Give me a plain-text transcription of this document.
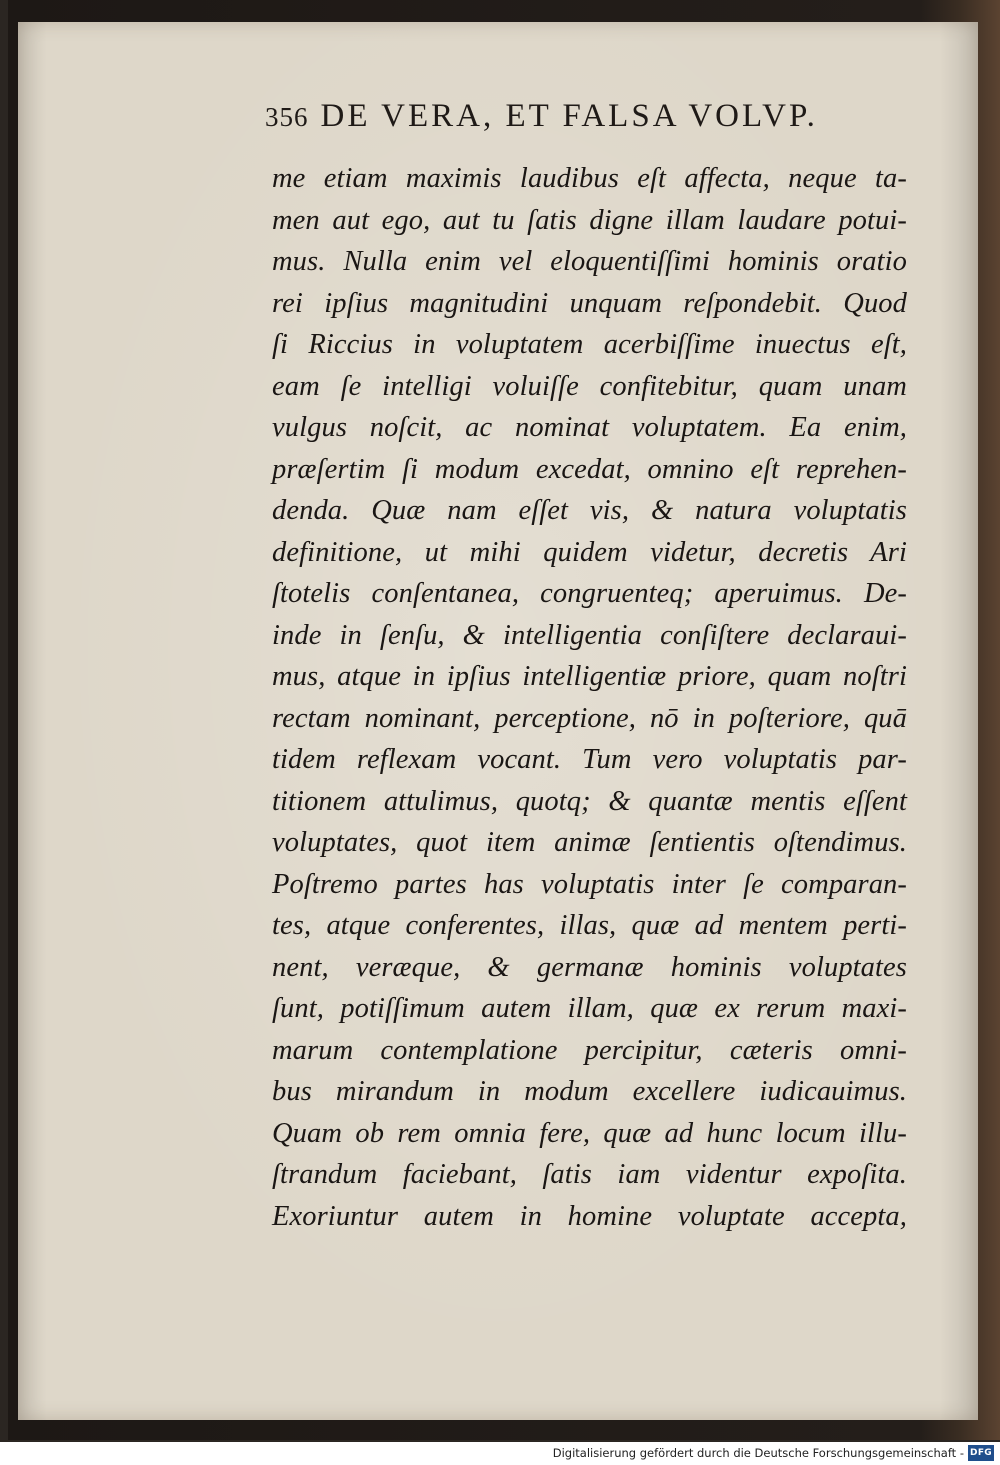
356 DE VERA, ET FALSA VOLVP.
me etiam maximis laudibus eſt affecta, neque ta-
men aut ego, aut tu ſatis digne illam laudare potui-
mus. Nulla enim vel eloquentiſſimi hominis oratio
rei ipſius magnitudini unquam reſpondebit. Quod
ſi Riccius in voluptatem acerbiſſime inuectus eſt,
eam ſe intelligi voluiſſe confitebitur, quam unam
vulgus noſcit, ac nominat voluptatem. Ea enim,
præſertim ſi modum excedat, omnino eſt reprehen-
denda. Quæ nam eſſet vis, & natura voluptatis
definitione, ut mihi quidem videtur, decretis Ari
ſtotelis conſentanea, congruenteq; aperuimus. De-
inde in ſenſu, & intelligentia conſiſtere declaraui-
mus, atque in ipſius intelligentiæ priore, quam noſtri
rectam nominant, perceptione, nō in poſteriore, quā
tidem reflexam vocant. Tum vero voluptatis par-
titionem attulimus, quotq; & quantæ mentis eſſent
voluptates, quot item animæ ſentientis oſtendimus.
Poſtremo partes has voluptatis inter ſe comparan-
tes, atque conferentes, illas, quæ ad mentem perti-
nent, veræque, & germanæ hominis voluptates
ſunt, potiſſimum autem illam, quæ ex rerum maxi-
marum contemplatione percipitur, cæteris omni-
bus mirandum in modum excellere iudicauimus.
Quam ob rem omnia fere, quæ ad hunc locum illu-
ſtrandum faciebant, ſatis iam videntur expoſita.
Exoriuntur autem in homine voluptate accepta,
Digitalisierung gefördert durch die Deutsche Forschungsgemeinschaft - DFG
